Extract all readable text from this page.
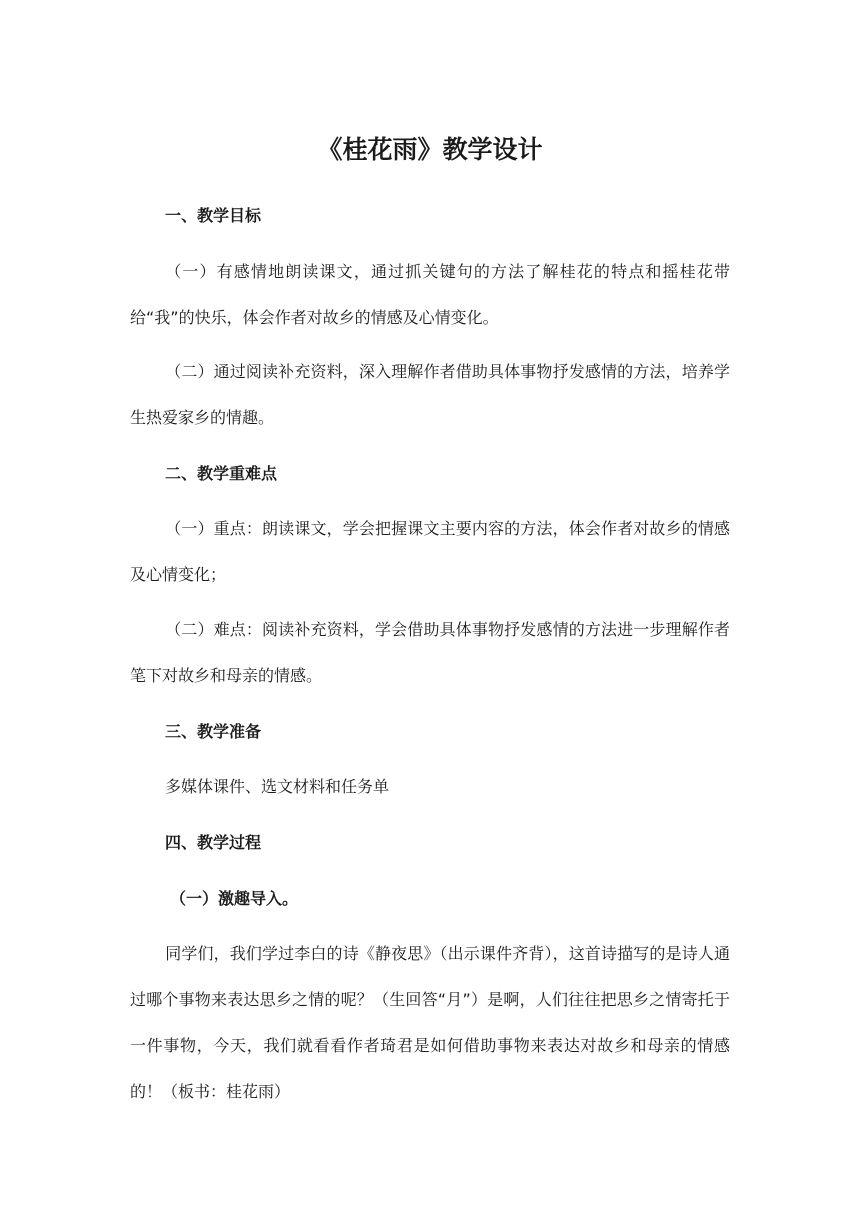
《桂花雨》教学设计
一、教学目标

（一）有感情地朗读课文，通过抓关键句的方法了解桂花的特点和摇桂花带给“我”的快乐，体会作者对故乡的情感及心情变化。

（二）通过阅读补充资料，深入理解作者借助具体事物抒发感情的方法，培养学生热爱家乡的情趣。

二、教学重难点

（一）重点：朗读课文，学会把握课文主要内容的方法，体会作者对故乡的情感及心情变化；

（二）难点：阅读补充资料，学会借助具体事物抒发感情的方法进一步理解作者笔下对故乡和母亲的情感。

三、教学准备

多媒体课件、选文材料和任务单

四、教学过程
（一）激趣导入。

同学们，我们学过李白的诗《静夜思》（出示课件齐背），这首诗描写的是诗人通过哪个事物来表达思乡之情的呢？（生回答“月”）是啊，人们往往把思乡之情寄托于一件事物，今天，我们就看看作者琦君是如何借助事物来表达对故乡和母亲的情感的！（板书：桂花雨）
